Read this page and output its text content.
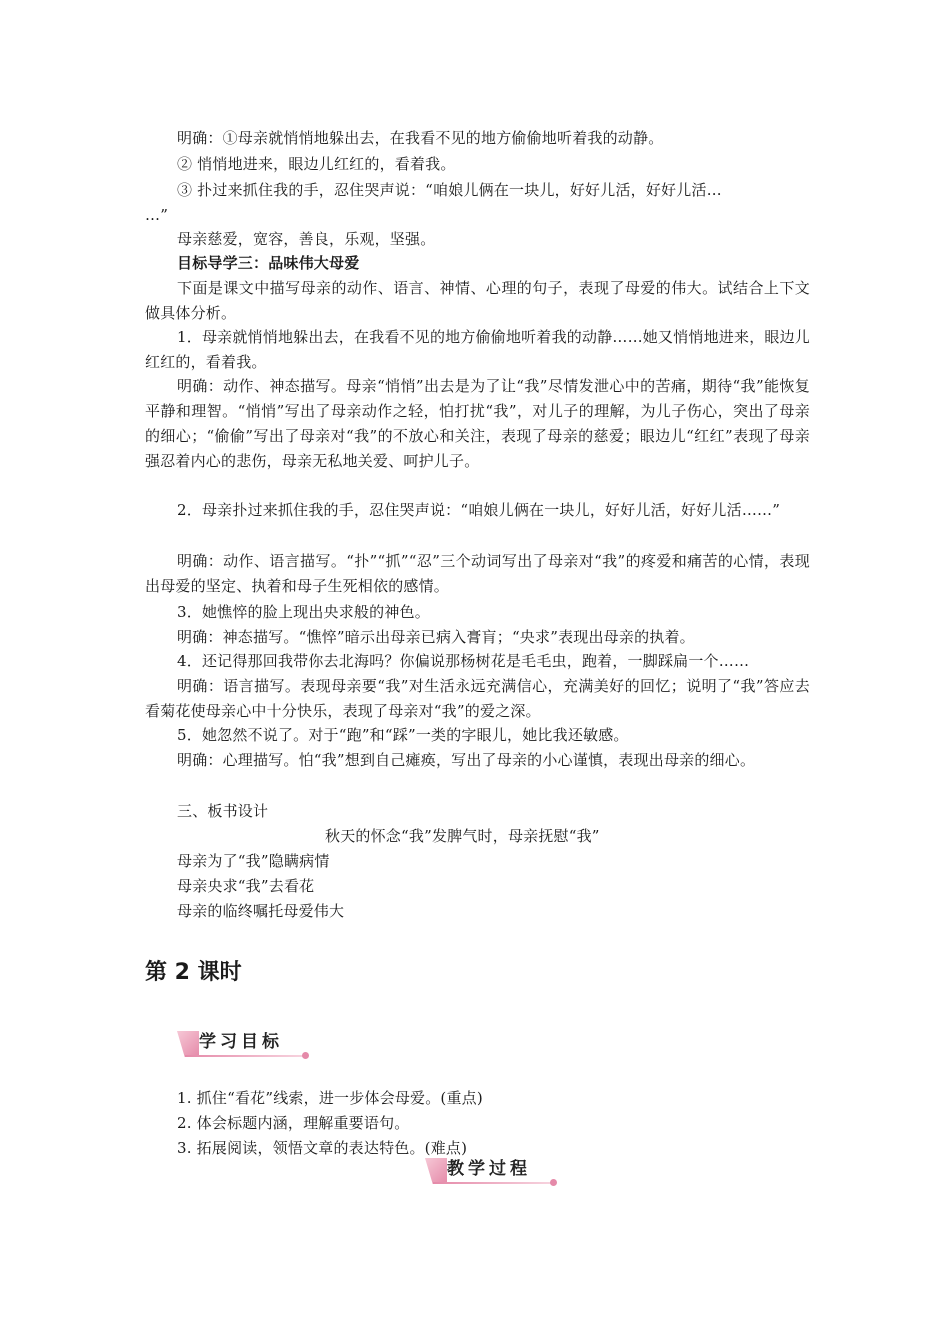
明确：①母亲就悄悄地躲出去，在我看不见的地方偷偷地听着我的动静。
② 悄悄地进来，眼边儿红红的，看着我。
③ 扑过来抓住我的手，忍住哭声说：“咱娘儿俩在一块儿，好好儿活，好好儿活…
…”
母亲慈爱，宽容，善良，乐观，坚强。
目标导学三：品味伟大母爱
下面是课文中描写母亲的动作、语言、神情、心理的句子，表现了母爱的伟大。试结合上下文做具体分析。
1．母亲就悄悄地躲出去，在我看不见的地方偷偷地听着我的动静……她又悄悄地进来，眼边儿红红的，看着我。
明确：动作、神态描写。母亲“悄悄”出去是为了让“我”尽情发泄心中的苦痛，期待“我”能恢复平静和理智。“悄悄”写出了母亲动作之轻，怕打扰“我”，对儿子的理解，为儿子伤心，突出了母亲的细心；“偷偷”写出了母亲对“我”的不放心和关注，表现了母亲的慈爱；眼边儿“红红”表现了母亲强忍着内心的悲伤，母亲无私地关爱、呵护儿子。
2．母亲扑过来抓住我的手，忍住哭声说：“咱娘儿俩在一块儿，好好儿活，好好儿活……”
明确：动作、语言描写。“扑”“抓”“忍”三个动词写出了母亲对“我”的疼爱和痛苦的心情，表现出母爱的坚定、执着和母子生死相依的感情。
3．她憔悴的脸上现出央求般的神色。
明确：神态描写。“憔悴”暗示出母亲已病入膏肓；“央求”表现出母亲的执着。
4．还记得那回我带你去北海吗？你偏说那杨树花是毛毛虫，跑着，一脚踩扁一个……
明确：语言描写。表现母亲要“我”对生活永远充满信心，充满美好的回忆；说明了“我”答应去看菊花使母亲心中十分快乐，表现了母亲对“我”的爱之深。
5．她忽然不说了。对于“跑”和“踩”一类的字眼儿，她比我还敏感。
明确：心理描写。怕“我”想到自己瘫痪，写出了母亲的小心谨慎，表现出母亲的细心。
三、板书设计
秋天的怀念“我”发脾气时，母亲抚慰“我”
母亲为了“我”隐瞒病情
母亲央求“我”去看花
母亲的临终嘱托母爱伟大
第 2 课时
学习目标
1. 抓住“看花”线索，进一步体会母爱。(重点)
2. 体会标题内涵，理解重要语句。
3. 拓展阅读，领悟文章的表达特色。(难点)
教学过程
